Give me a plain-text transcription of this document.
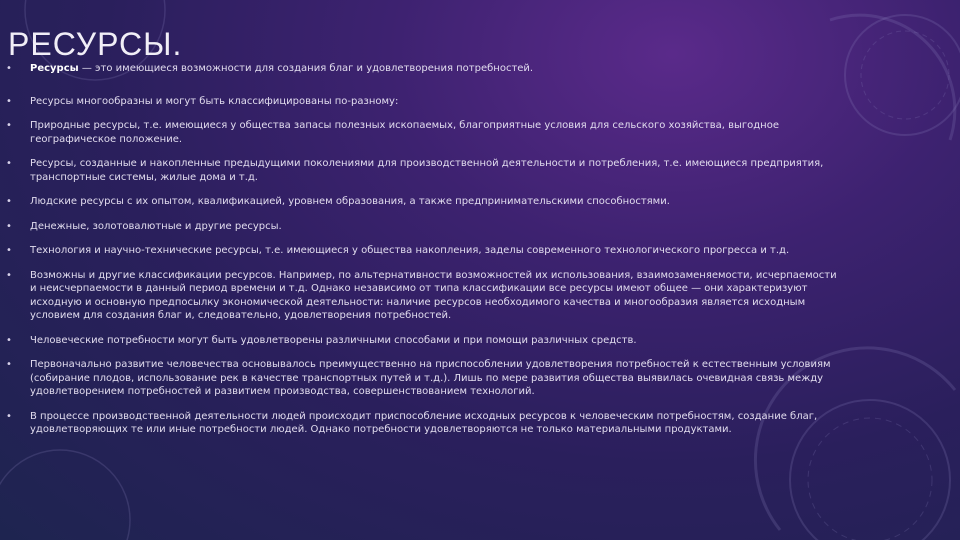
РЕСУРСЫ.
• Ресурсы — это имеющиеся возможности для создания благ и удовлетворения потребностей.
• Ресурсы многообразны и могут быть классифицированы по-разному:
• Природные ресурсы, т.е. имеющиеся у общества запасы полезных ископаемых, благоприятные условия для сельского хозяйства, выгодное географическое положение.
• Ресурсы, созданные и накопленные предыдущими поколениями для производственной деятельности и потребления, т.е. имеющиеся предприятия, транспортные системы, жилые дома и т.д.
• Людские ресурсы с их опытом, квалификацией, уровнем образования, а также предпринимательскими способностями.
• Денежные, золотовалютные и другие ресурсы.
• Технология и научно-технические ресурсы, т.е. имеющиеся у общества накопления, заделы современного технологического прогресса и т.д.
• Возможны и другие классификации ресурсов. Например, по альтернативности возможностей их использования, взаимозаменяемости, исчерпаемости и неисчерпаемости в данный период времени и т.д. Однако независимо от типа классификации все ресурсы имеют общее — они характеризуют исходную и основную предпосылку экономической деятельности: наличие ресурсов необходимого качества и многообразия является исходным условием для создания благ и, следовательно, удовлетворения потребностей.
• Человеческие потребности могут быть удовлетворены различными способами и при помощи различных средств.
• Первоначально развитие человечества основывалось преимущественно на приспособлении удовлетворения потребностей к естественным условиям (собирание плодов, использование рек в качестве транспортных путей и т.д.). Лишь по мере развития общества выявилась очевидная связь между удовлетворением потребностей и развитием производства, совершенствованием технологий.
• В процессе производственной деятельности людей происходит приспособление исходных ресурсов к человеческим потребностям, создание благ, удовлетворяющих те или иные потребности людей. Однако потребности удовлетворяются не только материальными продуктами.
